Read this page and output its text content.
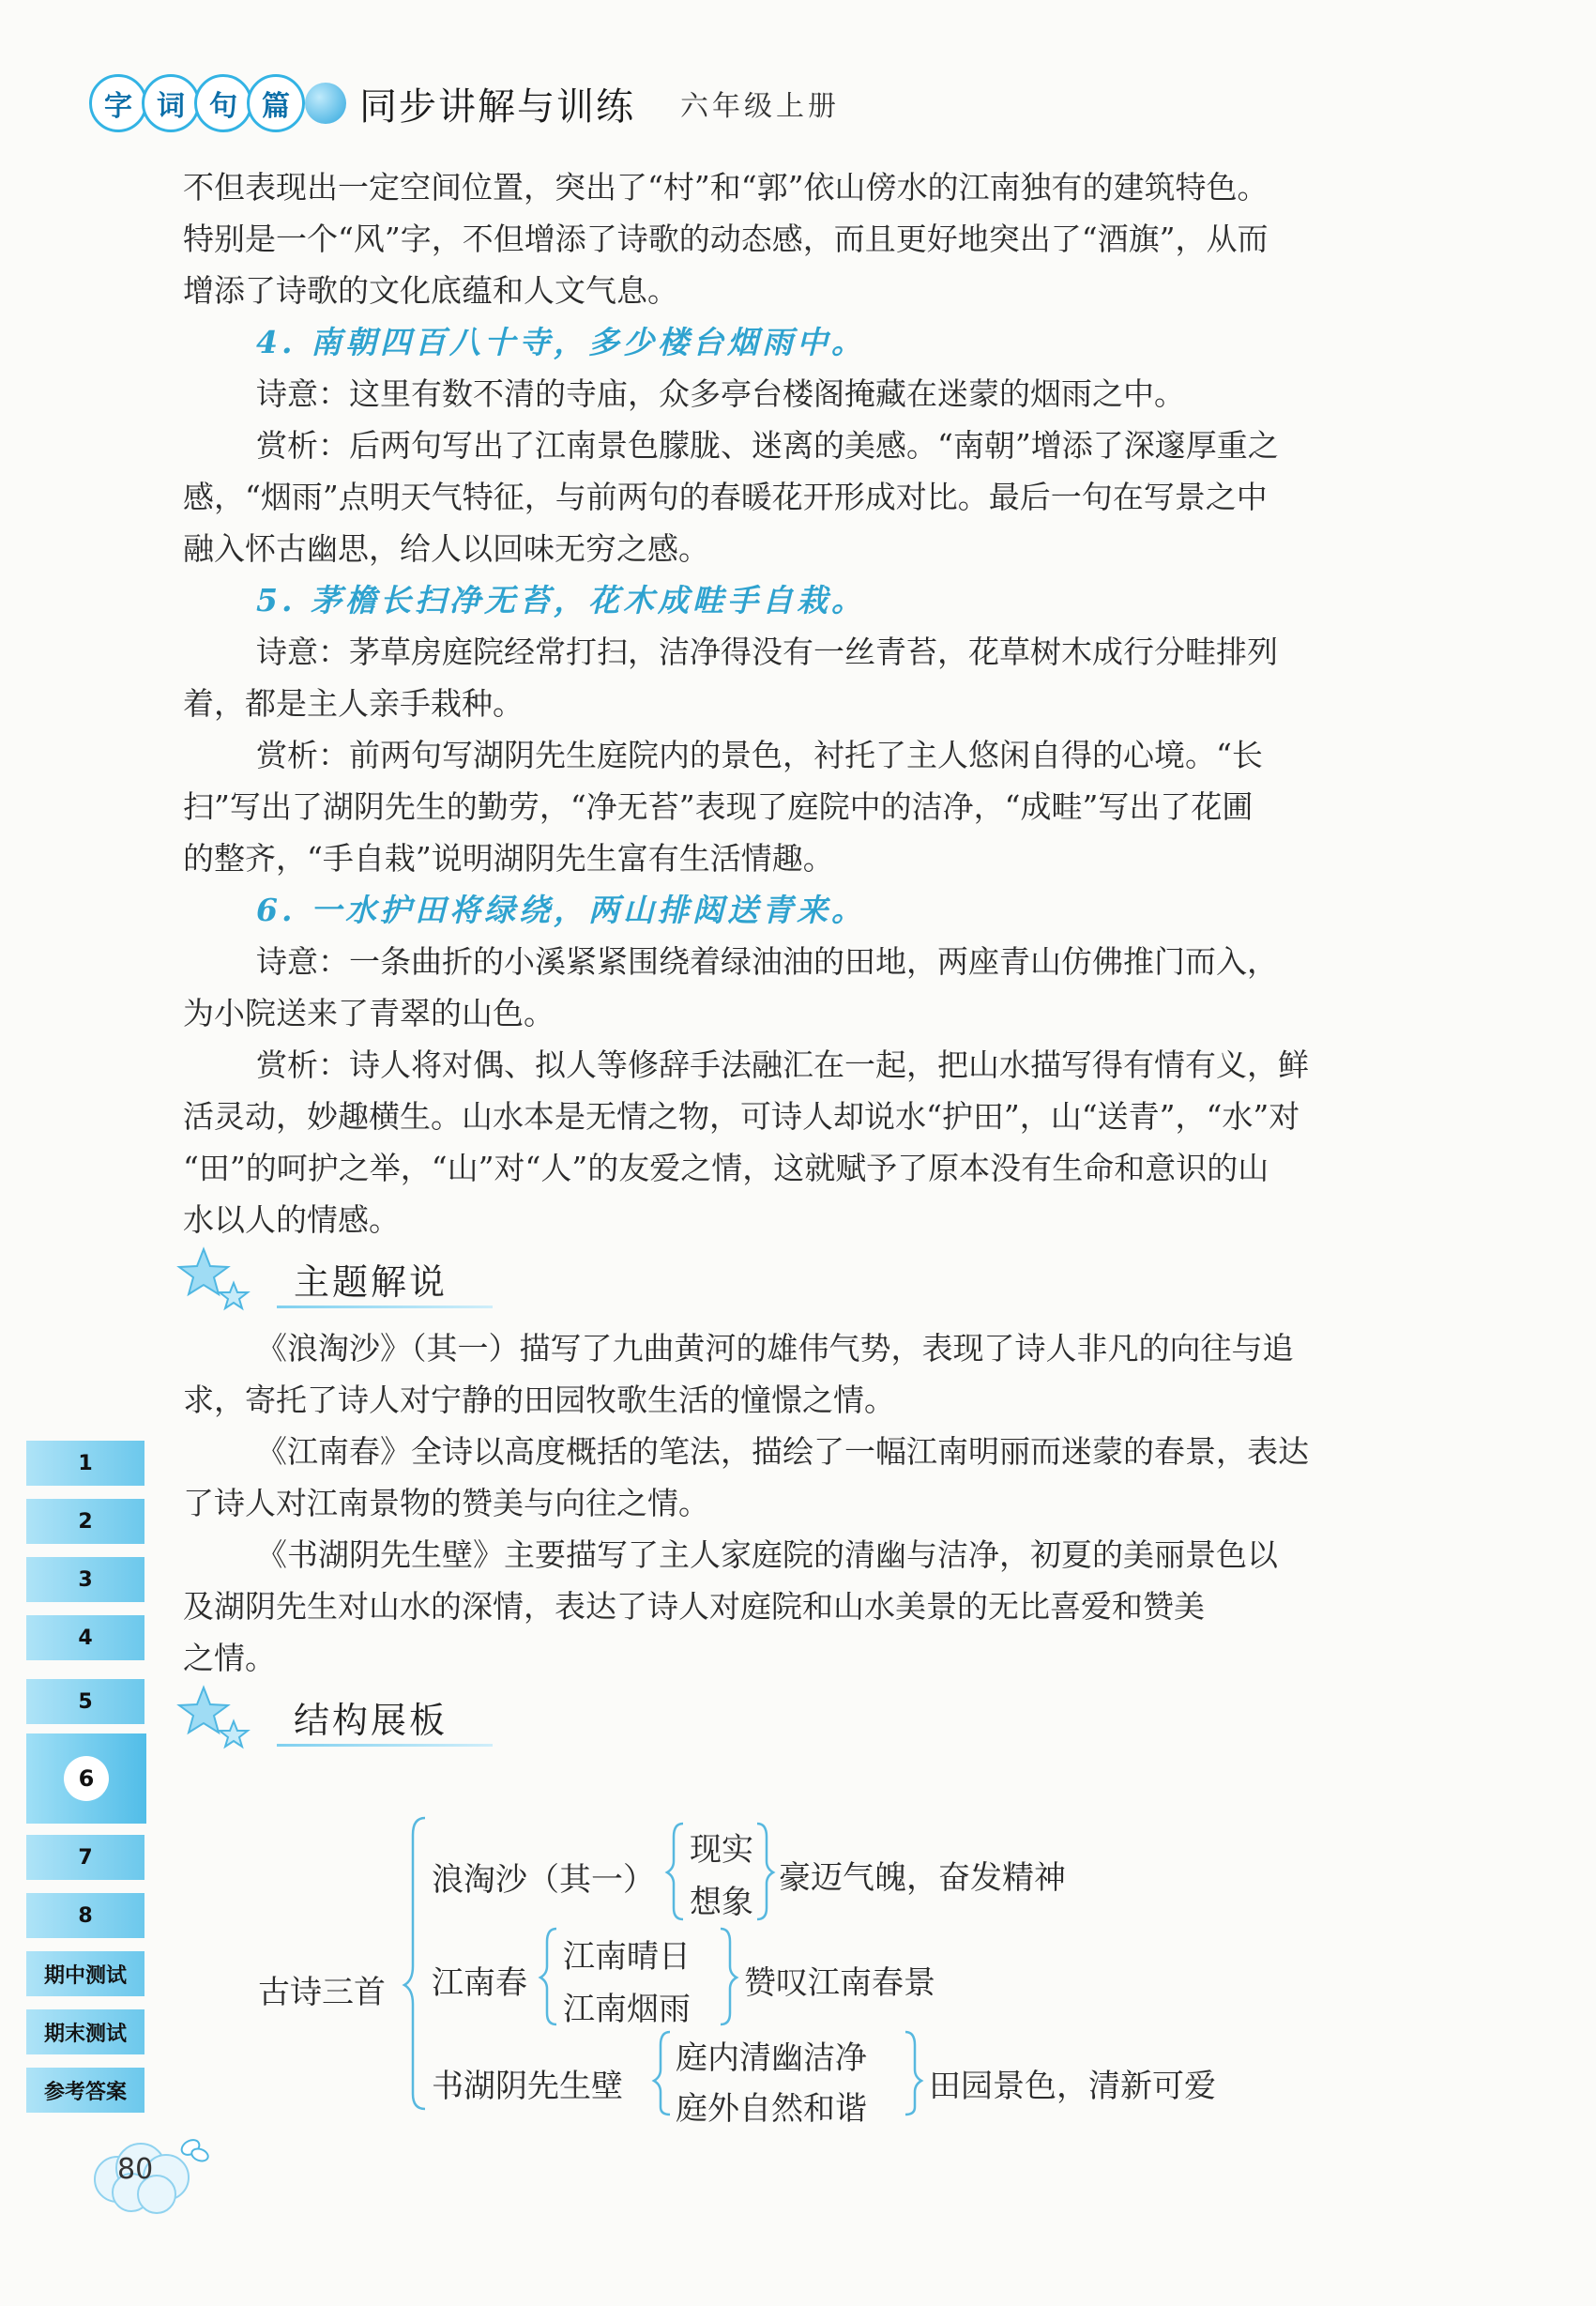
字 词 句 篇	同步讲解与训练 六年级上册

不但表现出一定空间位置，突出了“村”和“郭”依山傍水的江南独有的建筑特色。

特别是一个“风”字，不但增添了诗歌的动态感，而且更好地突出了“酒旗”，从而

增添了诗歌的文化底蕴和人文气息。

4. 南朝四百八十寺，多少楼台烟雨中。

诗意：这里有数不清的寺庙，众多亭台楼阁掩藏在迷蒙的烟雨之中。

赏析：后两句写出了江南景色朦胧、迷离的美感。“南朝”增添了深邃厚重之

感，“烟雨”点明天气特征，与前两句的春暖花开形成对比。最后一句在写景之中

融入怀古幽思，给人以回味无穷之感。

5. 茅檐长扫净无苔，花木成畦手自栽。

诗意：茅草房庭院经常打扫，洁净得没有一丝青苔，花草树木成行分畦排列

着，都是主人亲手栽种。

赏析：前两句写湖阴先生庭院内的景色，衬托了主人悠闲自得的心境。“长

扫”写出了湖阴先生的勤劳，“净无苔”表现了庭院中的洁净，“成畦”写出了花圃

的整齐，“手自栽”说明湖阴先生富有生活情趣。

6. 一水护田将绿绕，两山排闼送青来。

诗意：一条曲折的小溪紧紧围绕着绿油油的田地，两座青山仿佛推门而入，

为小院送来了青翠的山色。

赏析：诗人将对偶、拟人等修辞手法融汇在一起，把山水描写得有情有义，鲜

活灵动，妙趣横生。山水本是无情之物，可诗人却说水“护田”，山“送青”，“水”对

“田”的呵护之举，“山”对“人”的友爱之情，这就赋予了原本没有生命和意识的山

水以人的情感。

主题解说

《浪淘沙》（其一）描写了九曲黄河的雄伟气势，表现了诗人非凡的向往与追

求，寄托了诗人对宁静的田园牧歌生活的憧憬之情。

《江南春》全诗以高度概括的笔法，描绘了一幅江南明丽而迷蒙的春景，表达

了诗人对江南景物的赞美与向往之情。

《书湖阴先生壁》主要描写了主人家庭院的清幽与洁净，初夏的美丽景色以

及湖阴先生对山水的深情，表达了诗人对庭院和山水美景的无比喜爱和赞美

之情。

结构展板
古诗三首
浪淘沙（其一）
现实
想象
豪迈气魄，奋发精神
江南春
江南晴日
江南烟雨
赞叹江南春景
书湖阴先生壁
庭内清幽洁净
庭外自然和谐
田园景色，清新可爱
1
2
3
4
5
6
7
8
期中测试
期末测试
参考答案
80
